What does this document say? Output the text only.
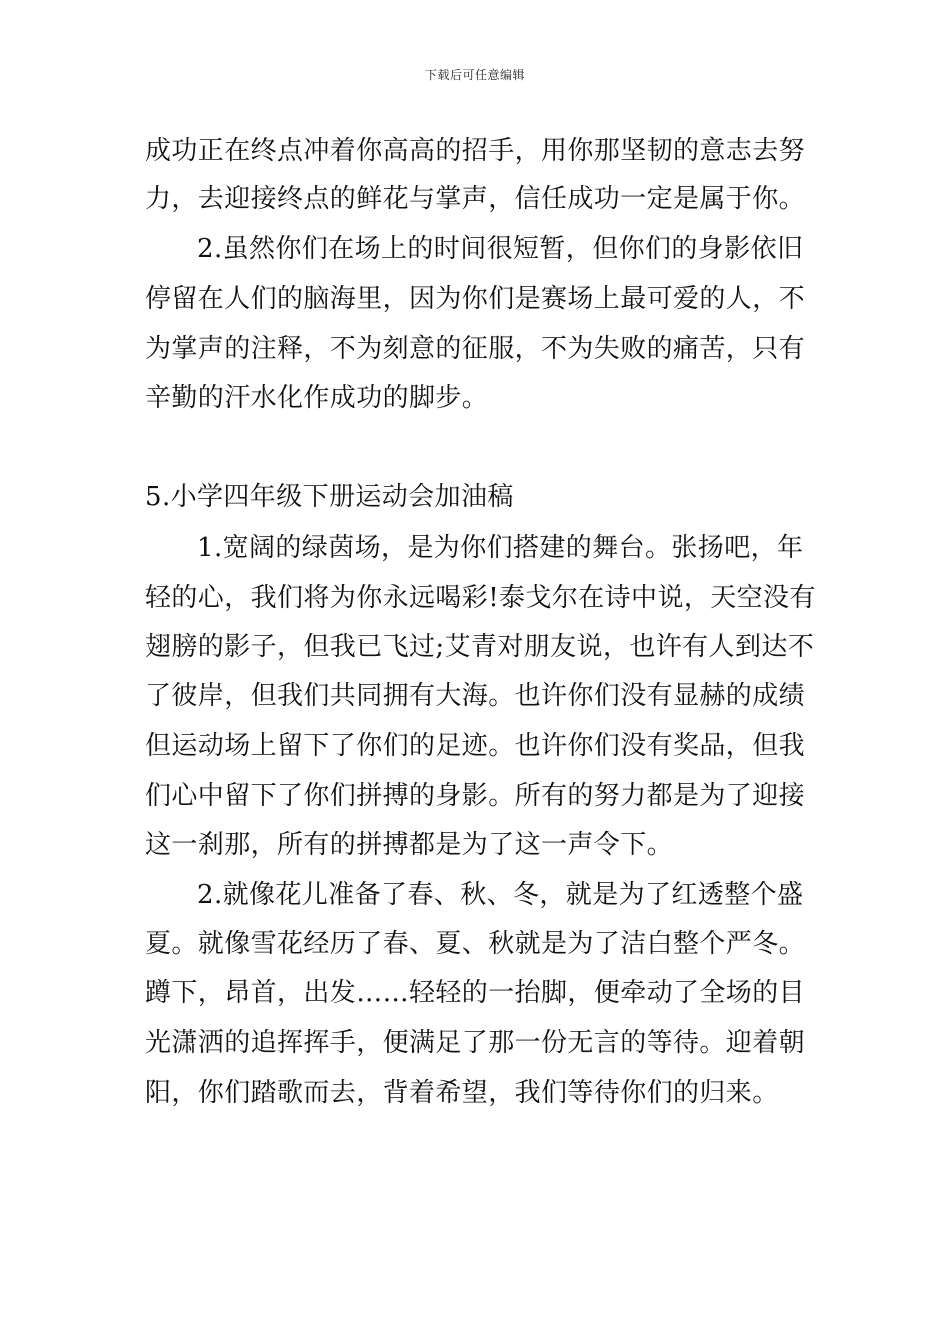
下载后可任意编辑
成功正在终点冲着你高高的招手，用你那坚韧的意志去努
力，去迎接终点的鲜花与掌声，信任成功一定是属于你。
2.虽然你们在场上的时间很短暂，但你们的身影依旧
停留在人们的脑海里，因为你们是赛场上最可爱的人，不
为掌声的注释，不为刻意的征服，不为失败的痛苦，只有
辛勤的汗水化作成功的脚步。
5.小学四年级下册运动会加油稿
1.宽阔的绿茵场，是为你们搭建的舞台。张扬吧，年
轻的心，我们将为你永远喝彩!泰戈尔在诗中说，天空没有
翅膀的影子，但我已飞过;艾青对朋友说，也许有人到达不
了彼岸，但我们共同拥有大海。也许你们没有显赫的成绩
但运动场上留下了你们的足迹。也许你们没有奖品，但我
们心中留下了你们拼搏的身影。所有的努力都是为了迎接
这一刹那，所有的拼搏都是为了这一声令下。
2.就像花儿准备了春、秋、冬，就是为了红透整个盛
夏。就像雪花经历了春、夏、秋就是为了洁白整个严冬。
蹲下，昂首，出发……轻轻的一抬脚，便牵动了全场的目
光潇洒的追挥挥手，便满足了那一份无言的等待。迎着朝
阳，你们踏歌而去，背着希望，我们等待你们的归来。
